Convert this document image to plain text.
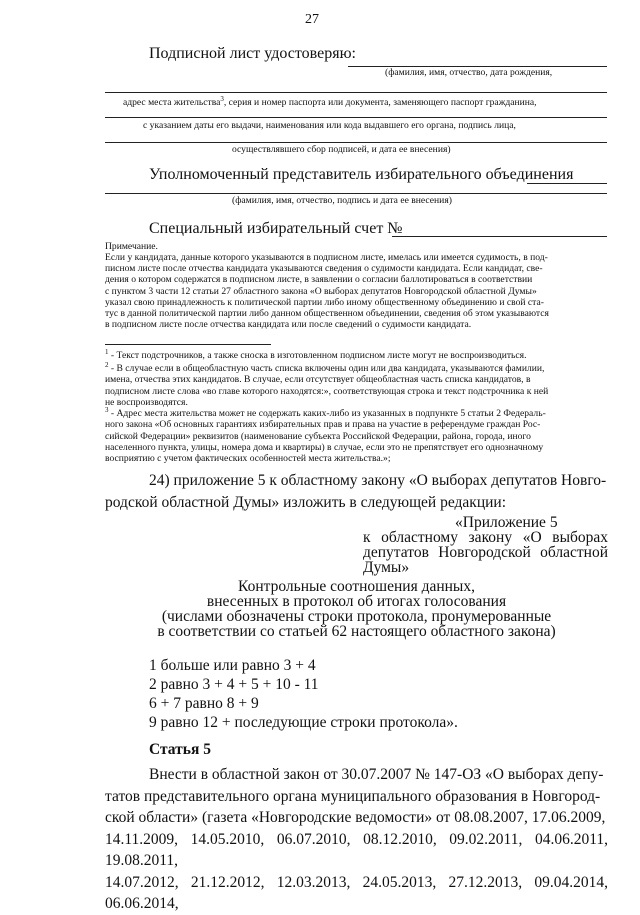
27
Подписной лист удостоверяю:
(фамилия, имя, отчество, дата рождения,
адрес места жительства$^3$, серия и номер паспорта или документа, заменяющего паспорт гражданина,
с указанием даты его выдачи, наименования или кода выдавшего его органа, подпись лица,
осуществлявшего сбор подписей, и дата ее внесения)
Уполномоченный представитель избирательного объединения
(фамилия, имя, отчество, подпись и дата ее внесения)
Специальный избирательный счет №
Примечание.
Если у кандидата, данные которого указываются в подписном листе, имелась или имеется судимость, в под-
писном листе после отчества кандидата указываются сведения о судимости кандидата. Если кандидат, све-
дения о котором содержатся в подписном листе, в заявлении о согласии баллотироваться в соответствии
с пунктом 3 части 12 статьи 27 областного закона «О выборах депутатов Новгородской областной Думы»
указал свою принадлежность к политической партии либо иному общественному объединению и свой ста-
тус в данной политической партии либо данном общественном объединении, сведения об этом указываются
в подписном листе после отчества кандидата или после сведений о судимости кандидата.
$^1$ - Текст подстрочников, а также сноска в изготовленном подписном листе могут не воспроизводиться.
$^2$ - В случае если в общеобластную часть списка включены один или два кандидата, указываются фамилии,
имена, отчества этих кандидатов. В случае, если отсутствует общеобластная часть списка кандидатов, в
подписном листе слова «во главе которого находятся:», соответствующая строка и текст подстрочника к ней
не воспроизводятся.
$^3$ - Адрес места жительства может не содержать каких-либо из указанных в подпункте 5 статьи 2 Федераль-
ного закона «Об основных гарантиях избирательных прав и права на участие в референдуме граждан Рос-
сийской Федерации» реквизитов (наименование субъекта Российской Федерации, района, города, иного
населенного пункта, улицы, номера дома и квартиры) в случае, если это не препятствует его однозначному
восприятию с учетом фактических особенностей места жительства.»;
24) приложение 5 к областному закону «О выборах депутатов Новго-
родской областной Думы» изложить в следующей редакции:
«Приложение 5
к областному закону «О выборах
депутатов Новгородской областной
Думы»
Контрольные соотношения данных,
внесенных в протокол об итогах голосования
(числами обозначены строки протокола, пронумерованные
в соответствии со статьей 62 настоящего областного закона)
1 больше или равно 3 + 4
2 равно 3 + 4 + 5 + 10 - 11
6 + 7 равно 8 + 9
9 равно 12 + последующие строки протокола».
Статья 5
Внести в областной закон от 30.07.2007 № 147-ОЗ «О выборах депу-
татов представительного органа муниципального образования в Новгород-
ской области» (газета «Новгородские ведомости» от 08.08.2007, 17.06.2009,
14.11.2009, 14.05.2010, 06.07.2010, 08.12.2010, 09.02.2011, 04.06.2011, 19.08.2011,
14.07.2012, 21.12.2012, 12.03.2013, 24.05.2013, 27.12.2013, 09.04.2014, 06.06.2014,
